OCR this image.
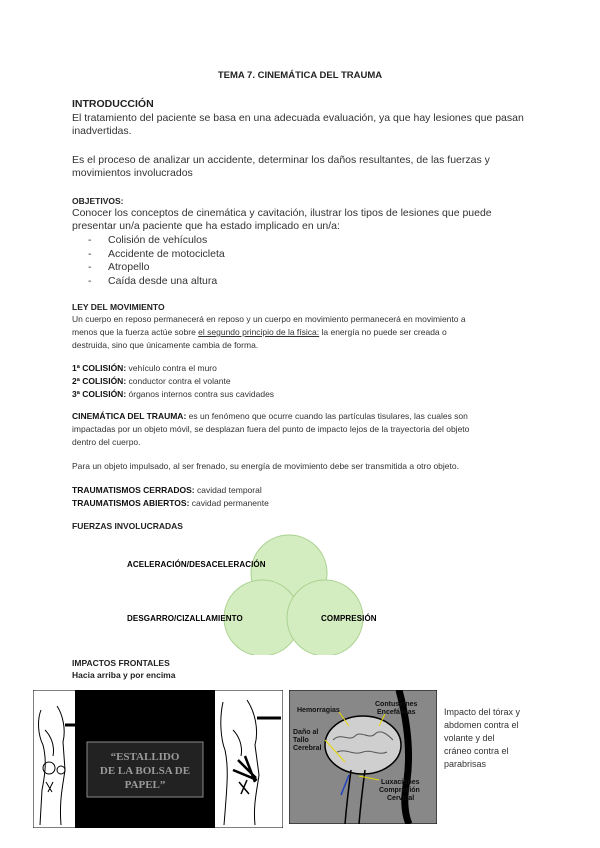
TEMA 7. CINEMÁTICA DEL TRAUMA
INTRODUCCIÓN
El tratamiento del paciente se basa en una adecuada evaluación, ya que hay lesiones que pasan
inadvertidas.
Es el proceso de analizar un accidente, determinar los daños resultantes, de las fuerzas y
movimientos involucrados
OBJETIVOS:
Conocer los conceptos de cinemática y cavitación, ilustrar los tipos de lesiones que puede
presentar un/a paciente que ha estado implicado en un/a:
- Colisión de vehículos
- Accidente de motocicleta
- Atropello
- Caída desde una altura
LEY DEL MOVIMIENTO
Un cuerpo en reposo permanecerá en reposo y un cuerpo en movimiento permanecerá en movimiento a
menos que la fuerza actúe sobre el segundo principio de la física: la energía no puede ser creada o
destruida, sino que únicamente cambia de forma.
1ª COLISIÓN: vehículo contra el muro
2ª COLISIÓN: conductor contra el volante
3ª COLISIÓN: órganos internos contra sus cavidades
CINEMÁTICA DEL TRAUMA: es un fenómeno que ocurre cuando las partículas tisulares, las cuales son
impactadas por un objeto móvil, se desplazan fuera del punto de impacto lejos de la trayectoria del objeto
dentro del cuerpo.
Para un objeto impulsado, al ser frenado, su energía de movimiento debe ser transmitida a otro objeto.
TRAUMATISMOS CERRADOS: cavidad temporal
TRAUMATISMOS ABIERTOS: cavidad permanente
FUERZAS INVOLUCRADAS
ACELERACIÓN/DESACELERACIÓN
DESGARRO/CIZALLAMIENTO	COMPRESIÓN
IMPACTOS FRONTALES
Hacia arriba y por encima
“ESTALLIDO
DE LA BOLSA DE
PAPEL”
Hemorragias
Contusiones
Encefálicas
Daño al
Tallo
Cerebral
Luxaciones
Compresión
Cervical
Impacto del tórax y
abdomen contra el
volante y del
cráneo contra el
parabrisas
